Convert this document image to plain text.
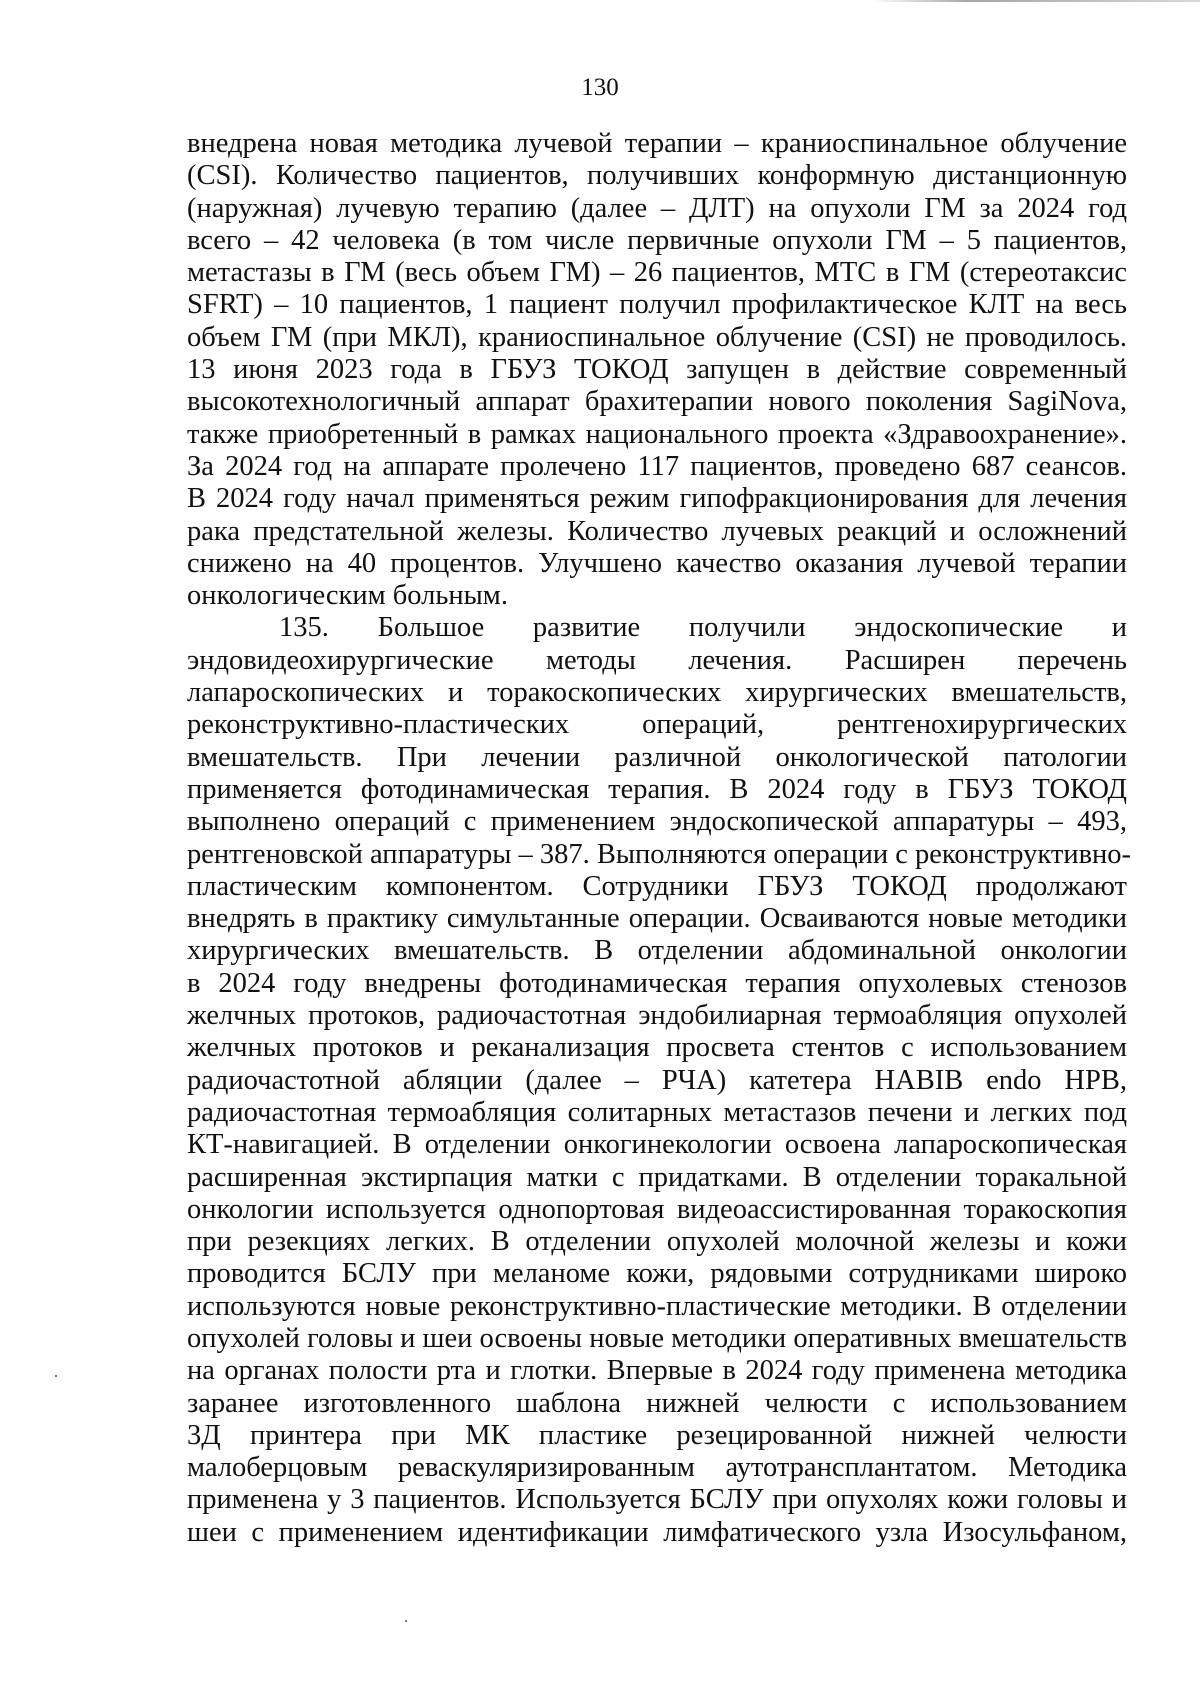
130
внедрена новая методика лучевой терапии – краниоспинальное облучение
(CSI). Количество пациентов, получивших конформную дистанционную
(наружная) лучевую терапию (далее – ДЛТ) на опухоли ГМ за 2024 год
всего – 42 человека (в том числе первичные опухоли ГМ – 5 пациентов,
метастазы в ГМ (весь объем ГМ) – 26 пациентов, МТС в ГМ (стереотаксис
SFRT) – 10 пациентов, 1 пациент получил профилактическое КЛТ на весь
объем ГМ (при МКЛ), краниоспинальное облучение (CSI) не проводилось.
13 июня 2023 года в ГБУЗ ТОКОД запущен в действие современный
высокотехнологичный аппарат брахитерапии нового поколения SagiNova,
также приобретенный в рамках национального проекта «Здравоохранение».
За 2024 год на аппарате пролечено 117 пациентов, проведено 687 сеансов.
В 2024 году начал применяться режим гипофракционирования для лечения
рака предстательной железы. Количество лучевых реакций и осложнений
снижено на 40 процентов. Улучшено качество оказания лучевой терапии
онкологическим больным.
135. Большое развитие получили эндоскопические и
эндовидеохирургические методы лечения. Расширен перечень
лапароскопических и торакоскопических хирургических вмешательств,
реконструктивно-пластических операций, рентгенохирургических
вмешательств. При лечении различной онкологической патологии
применяется фотодинамическая терапия. В 2024 году в ГБУЗ ТОКОД
выполнено операций с применением эндоскопической аппаратуры – 493,
рентгеновской аппаратуры – 387. Выполняются операции с реконструктивно-
пластическим компонентом. Сотрудники ГБУЗ ТОКОД продолжают
внедрять в практику симультанные операции. Осваиваются новые методики
хирургических вмешательств. В отделении абдоминальной онкологии
в 2024 году внедрены фотодинамическая терапия опухолевых стенозов
желчных протоков, радиочастотная эндобилиарная термоабляция опухолей
желчных протоков и реканализация просвета стентов с использованием
радиочастотной абляции (далее – РЧА) катетера HABIB endo HPB,
радиочастотная термоабляция солитарных метастазов печени и легких под
КТ-навигацией. В отделении онкогинекологии освоена лапароскопическая
расширенная экстирпация матки с придатками. В отделении торакальной
онкологии используется однопортовая видеоассистированная торакоскопия
при резекциях легких. В отделении опухолей молочной железы и кожи
проводится БСЛУ при меланоме кожи, рядовыми сотрудниками широко
используются новые реконструктивно-пластические методики. В отделении
опухолей головы и шеи освоены новые методики оперативных вмешательств
на органах полости рта и глотки. Впервые в 2024 году применена методика
заранее изготовленного шаблона нижней челюсти с использованием
3Д принтера при МК пластике резецированной нижней челюсти
малоберцовым реваскуляризированным аутотрансплантатом. Методика
применена у 3 пациентов. Используется БСЛУ при опухолях кожи головы и
шеи с применением идентификации лимфатического узла Изосульфаном,
